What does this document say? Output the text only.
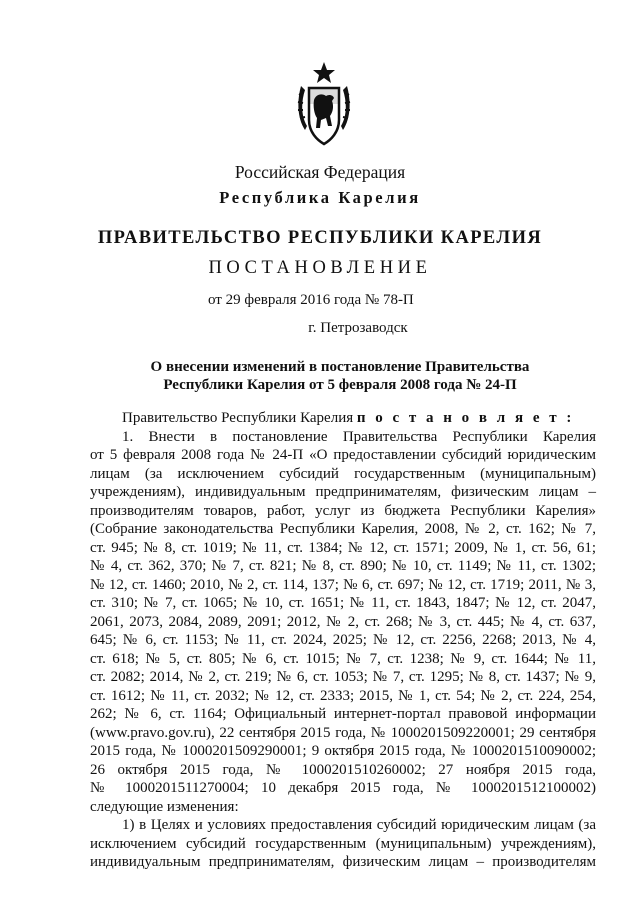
Российская Федерация
Республика Карелия
ПРАВИТЕЛЬСТВО РЕСПУБЛИКИ КАРЕЛИЯ
ПОСТАНОВЛЕНИЕ
от 29 февраля 2016 года № 78-П
г. Петрозаводск
О внесении изменений в постановление Правительства
Республики Карелия от 5 февраля 2008 года № 24-П

Правительство Республики Карелия п о с т а н о в л я е т :

1. Внести в постановление Правительства Республики Карелия
от 5 февраля 2008 года № 24-П «О предоставлении субсидий юридическим
лицам (за исключением субсидий государственным (муниципальным)
учреждениям), индивидуальным предпринимателям, физическим лицам –
производителям товаров, работ, услуг из бюджета Республики Карелия»
(Собрание законодательства Республики Карелия, 2008, № 2, ст. 162; № 7,
ст. 945; № 8, ст. 1019; № 11, ст. 1384; № 12, ст. 1571; 2009, № 1, ст. 56, 61;
№ 4, ст. 362, 370; № 7, ст. 821; № 8, ст. 890; № 10, ст. 1149; № 11, ст. 1302;
№ 12, ст. 1460; 2010, № 2, ст. 114, 137; № 6, ст. 697; № 12, ст. 1719; 2011, № 3,
ст. 310; № 7, ст. 1065; № 10, ст. 1651; № 11, ст. 1843, 1847; № 12, ст. 2047,
2061, 2073, 2084, 2089, 2091; 2012, № 2, ст. 268; № 3, ст. 445; № 4, ст. 637,
645; № 6, ст. 1153; № 11, ст. 2024, 2025; № 12, ст. 2256, 2268; 2013, № 4,
ст. 618; № 5, ст. 805; № 6, ст. 1015; № 7, ст. 1238; № 9, ст. 1644; № 11,
ст. 2082; 2014, № 2, ст. 219; № 6, ст. 1053; № 7, ст. 1295; № 8, ст. 1437; № 9,
ст. 1612; № 11, ст. 2032; № 12, ст. 2333; 2015, № 1, ст. 54; № 2, ст. 224, 254,
262; № 6, ст. 1164; Официальный интернет-портал правовой информации
(www.pravo.gov.ru), 22 сентября 2015 года, № 1000201509220001; 29 сентября
2015 года, № 1000201509290001; 9 октября 2015 года, № 1000201510090002;
26 октября 2015 года, № 1000201510260002; 27 ноября 2015 года,
№ 1000201511270004; 10 декабря 2015 года, № 1000201512100002)
следующие изменения:

1) в Целях и условиях предоставления субсидий юридическим лицам (за
исключением субсидий государственным (муниципальным) учреждениям),
индивидуальным предпринимателям, физическим лицам – производителям
